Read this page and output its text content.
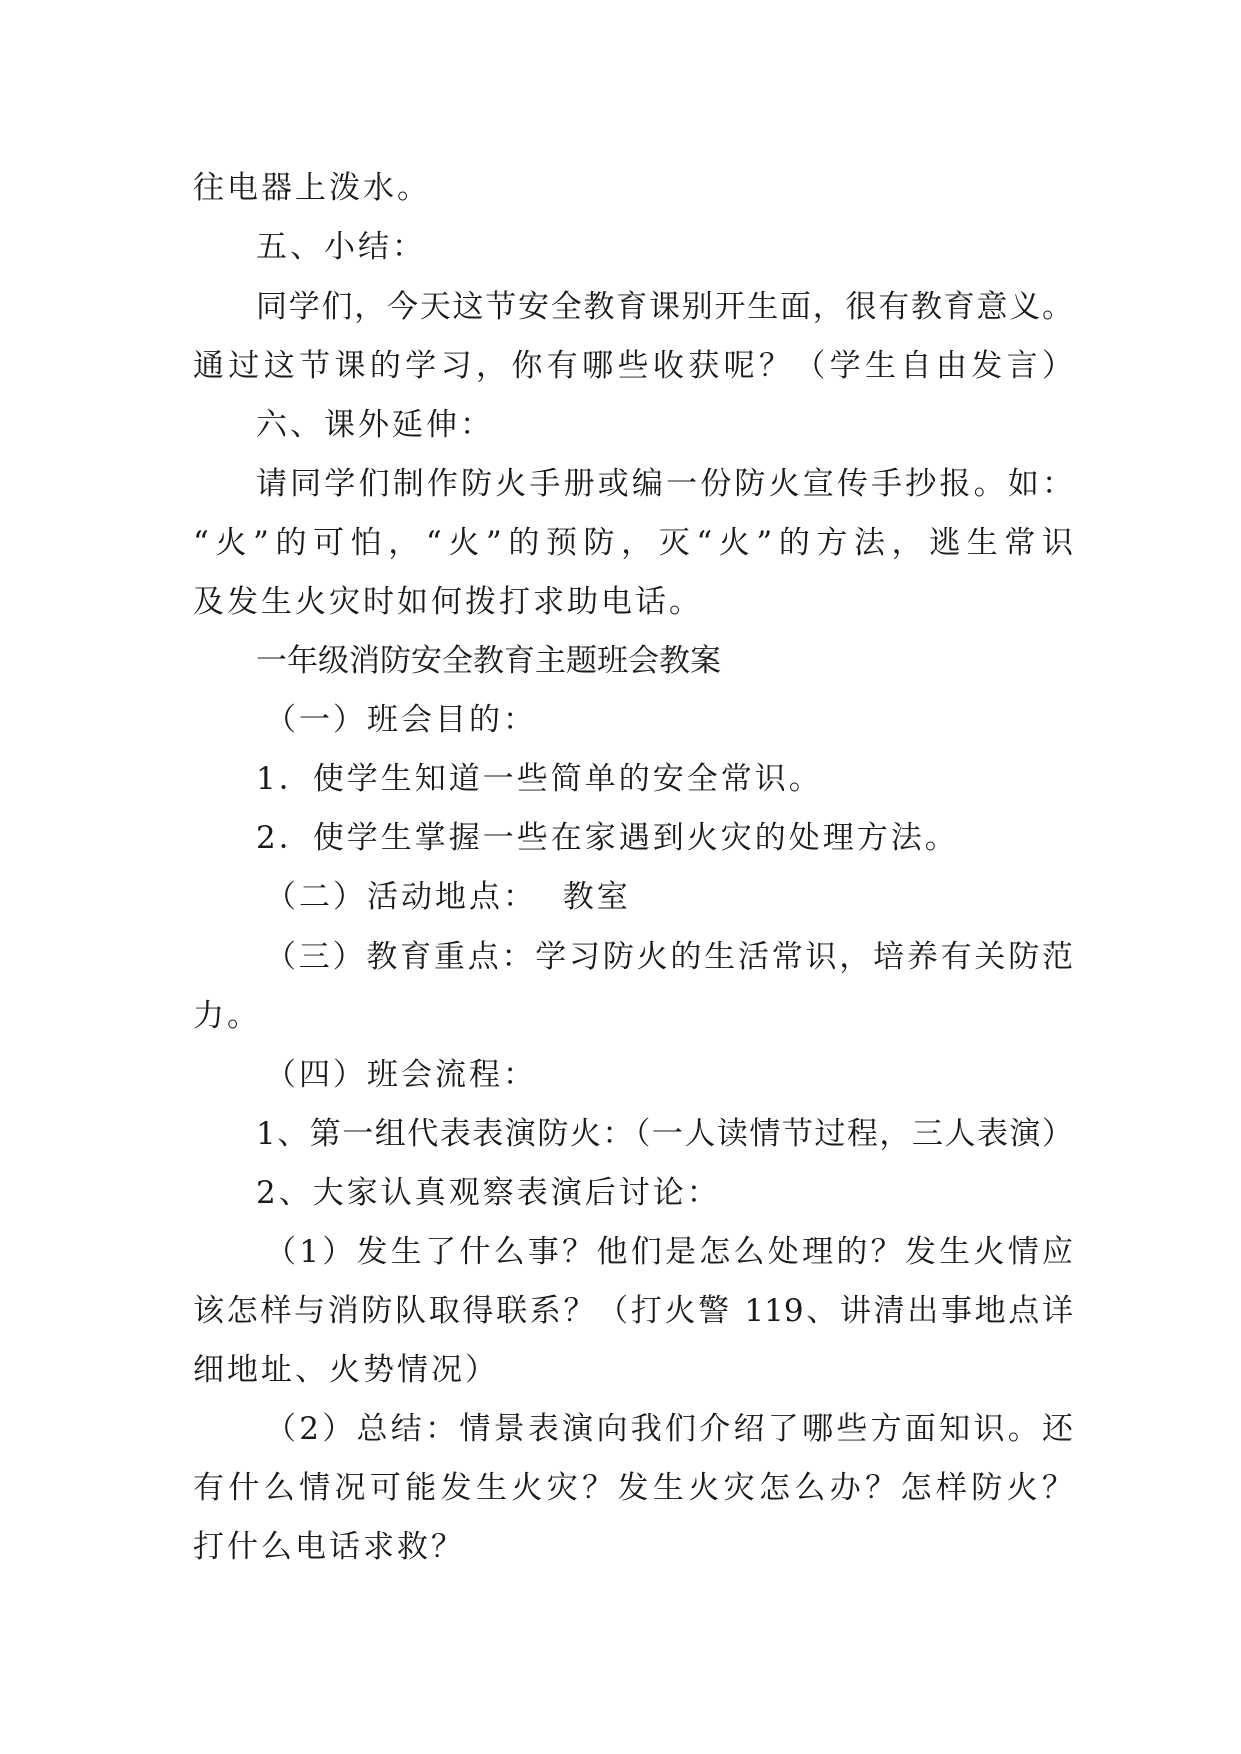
往电器上泼水。
五、小结：
同学们，今天这节安全教育课别开生面，很有教育意义。
通过这节课的学习，你有哪些收获呢？（学生自由发言）
六、课外延伸：
请同学们制作防火手册或编一份防火宣传手抄报。如：
“火”的可怕，“火”的预防，灭“火”的方法，逃生常识
及发生火灾时如何拨打求助电话。
一年级消防安全教育主题班会教案
（一）班会目的：
1．使学生知道一些简单的安全常识。
2．使学生掌握一些在家遇到火灾的处理方法。
（二）活动地点：  教室
（三）教育重点：学习防火的生活常识，培养有关防范
力。
（四）班会流程：
1、第一组代表表演防火：（一人读情节过程，三人表演）
2、大家认真观察表演后讨论：
（1）发生了什么事？他们是怎么处理的？发生火情应
该怎样与消防队取得联系？（打火警 119、讲清出事地点详
细地址、火势情况）
（2）总结：情景表演向我们介绍了哪些方面知识。还
有什么情况可能发生火灾？发生火灾怎么办？怎样防火？
打什么电话求救？
